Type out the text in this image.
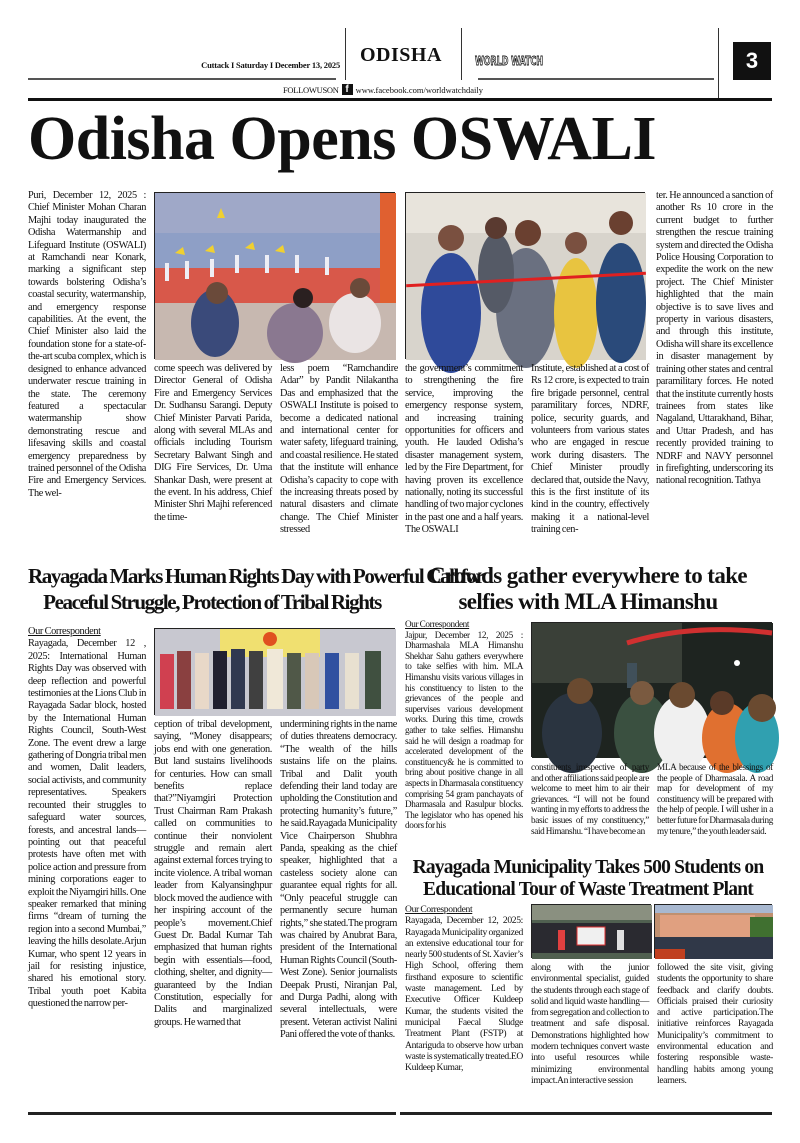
Cuttack I Saturday I December 13, 2025 ODISHA	WORLD WATCH	3
FOLLOWUSON f www.facebook.com/worldwatchdaily
Odisha Opens OSWALI
Puri, December 12, 2025 : Chief Minister Mohan Charan Majhi today inaugurated the Odisha Watermanship and Lifeguard Institute (OSWALI) at Ramchandi near Konark, marking a significant step towards bolstering Odisha’s coastal security, watermanship, and emergency response capabilities. At the event, the Chief Minister also laid the foundation stone for a state-of-the-art scuba complex, which is designed to enhance advanced underwater rescue training in the state. The ceremony featured a spectacular watermanship show demonstrating rescue and lifesaving skills and coastal emergency preparedness by trained personnel of the Odisha Fire and Emergency Services. The wel-
come speech was delivered by Director General of Odisha Fire and Emergency Services Dr. Sudhansu Sarangi. Deputy Chief Minister Parvati Parida, along with several MLAs and officials including Tourism Secretary Balwant Singh and DIG Fire Services, Dr. Uma Shankar Dash, were present at the event. In his address, Chief Minister Shri Majhi referenced the time-
less poem “Ramchandire Adar” by Pandit Nilakantha Das and emphasized that the OSWALI Institute is poised to become a dedicated national and international center for water safety, lifeguard training, and coastal resilience. He stated that the institute will enhance Odisha’s capacity to cope with the increasing threats posed by natural disasters and climate change. The Chief Minister stressed
the government’s commitment to strengthening the fire service, improving the emergency response system, and increasing training opportunities for officers and youth. He lauded Odisha’s disaster management system, led by the Fire Department, for having proven its excellence nationally, noting its successful handling of two major cyclones in the past one and a half years. The OSWALI
Institute, established at a cost of Rs 12 crore, is expected to train fire brigade personnel, central paramilitary forces, NDRF, police, security guards, and volunteers from various states who are engaged in rescue work during disasters. The Chief Minister proudly declared that, outside the Navy, this is the first institute of its kind in the country, effectively making it a national-level training cen-
ter. He announced a sanction of another Rs 10 crore in the current budget to further strengthen the rescue training system and directed the Odisha Police Housing Corporation to expedite the work on the new project. The Chief Minister highlighted that the main objective is to save lives and property in various disasters, and through this institute, Odisha will share its excellence in disaster management by training other states and central paramilitary forces. He noted that the institute currently hosts trainees from states like Nagaland, Uttarakhand, Bihar, and Uttar Pradesh, and has recently provided training to NDRF and NAVY personnel in firefighting, underscoring its national recognition. Tathya
Rayagada Marks Human Rights Day with Powerful Call for
Peaceful Struggle, Protection of Tribal Rights
Our Correspondent
Rayagada, December 12 , 2025: International Human Rights Day was observed with deep reflection and powerful testimonies at the Lions Club in Rayagada Sadar block, hosted by the International Human Rights Council, South-West Zone. The event drew a large gathering of Dongria tribal men and women, Dalit leaders, social activists, and community representatives. Speakers recounted their struggles to safeguard water sources, forests, and ancestral lands—pointing out that peaceful protests have often met with police action and pressure from mining corporations eager to exploit the Niyamgiri hills. One speaker remarked that mining firms “dream of turning the region into a second Mumbai,” leaving the hills desolate.Arjun Kumar, who spent 12 years in jail for resisting injustice, shared his emotional story. Tribal youth poet Kabita questioned the narrow per-
ception of tribal development, saying, “Money disappears; jobs end with one generation. But land sustains livelihoods for centuries. How can small benefits replace that?”Niyamgiri Protection Trust Chairman Ram Prakash called on communities to continue their nonviolent struggle and remain alert against external forces trying to incite violence. A tribal woman leader from Kalyansinghpur block moved the audience with her inspiring account of the people’s movement.Chief Guest Dr. Badal Kumar Tah emphasized that human rights begin with essentials—food, clothing, shelter, and dignity—guaranteed by the Indian Constitution, especially for Dalits and marginalized groups. He warned that
undermining rights in the name of duties threatens democracy. “The wealth of the hills sustains life on the plains. Tribal and Dalit youth defending their land today are upholding the Constitution and protecting humanity’s future,” he said.Rayagada Municipality Vice Chairperson Shubhra Panda, speaking as the chief speaker, highlighted that a casteless society alone can guarantee equal rights for all. “Only peaceful struggle can permanently secure human rights,” she stated.The program was chaired by Anubrat Bara, president of the International Human Rights Council (South-West Zone). Senior journalists Deepak Prusti, Niranjan Pal, and Durga Padhi, along with several intellectuals, were present. Veteran activist Nalini Pani offered the vote of thanks.
Crowds gather everywhere to take
selfies with MLA Himanshu
Our Correspondent
Jajpur, December 12, 2025 : Dharmashala MLA Himanshu Shekhar Sahu gathers everywhere to take selfies with him. MLA Himanshu visits various villages in his constituency to listen to the grievances of the people and supervises various development works. During this time, crowds gather to take selfies. Himanshu said he will design a roadmap for accelerated development of the constituency& he is committed to bring about positive change in all aspects in Dharmasala constituency comprising 54 gram panchayats of Dharmasala and Rasulpur blocks. The legislator who has opened his doors for his
constituents irrespective of party and other affiliations said people are welcome to meet him to air their grievances. “I will not be found wanting in my efforts to address the basic issues of my constituency,” said Himanshu. “I have become an
MLA because of the blessings of the people of Dharmasala. A road map for development of my constituency will be prepared with the help of people. I will usher in a better future for Dharmasala during my tenure,” the youth leader said.
Rayagada Municipality Takes 500 Students on
Educational Tour of Waste Treatment Plant
Our Correspondent
Rayagada, December 12, 2025: Rayagada Municipality organized an extensive educational tour for nearly 500 students of St. Xavier’s High School, offering them firsthand exposure to scientific waste management. Led by Executive Officer Kuldeep Kumar, the students visited the municipal Faecal Sludge Treatment Plant (FSTP) at Antariguda to observe how urban waste is systematically treated.EO Kuldeep Kumar,
along with the junior environmental specialist, guided the students through each stage of solid and liquid waste handling—from segregation and collection to treatment and safe disposal. Demonstrations highlighted how modern techniques convert waste into useful resources while minimizing environmental impact.An interactive session
followed the site visit, giving students the opportunity to share feedback and clarify doubts. Officials praised their curiosity and active participation.The initiative reinforces Rayagada Municipality’s commitment to environmental education and fostering responsible waste-handling habits among young learners.
